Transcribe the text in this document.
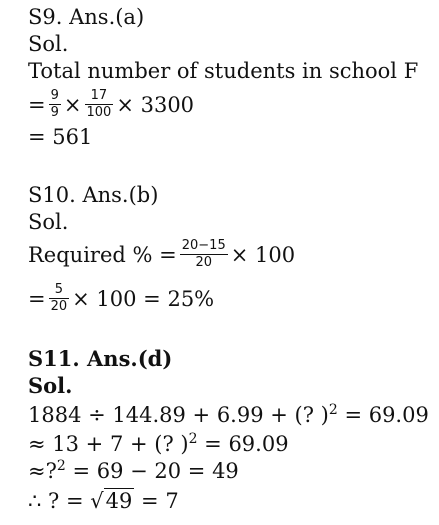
S9. Ans.(a)
Sol.
Total number of students in school F
= $\frac{9}{9} \times \frac{17}{100} \times 3300$
= 561
S10. Ans.(b)
Sol.
Required % = $\frac{20-15}{20} \times 100$
= $\frac{5}{20} \times 100 = 25\%$
S11. Ans.(d)
Sol.
1884 ÷ 144.89 + 6.99 + (? )$^2$ = 69.09
≈ 13 + 7 + (? )$^2$ = 69.09
≈?$^2$ = 69 − 20 = 49
∴ ? = √49 = 7
